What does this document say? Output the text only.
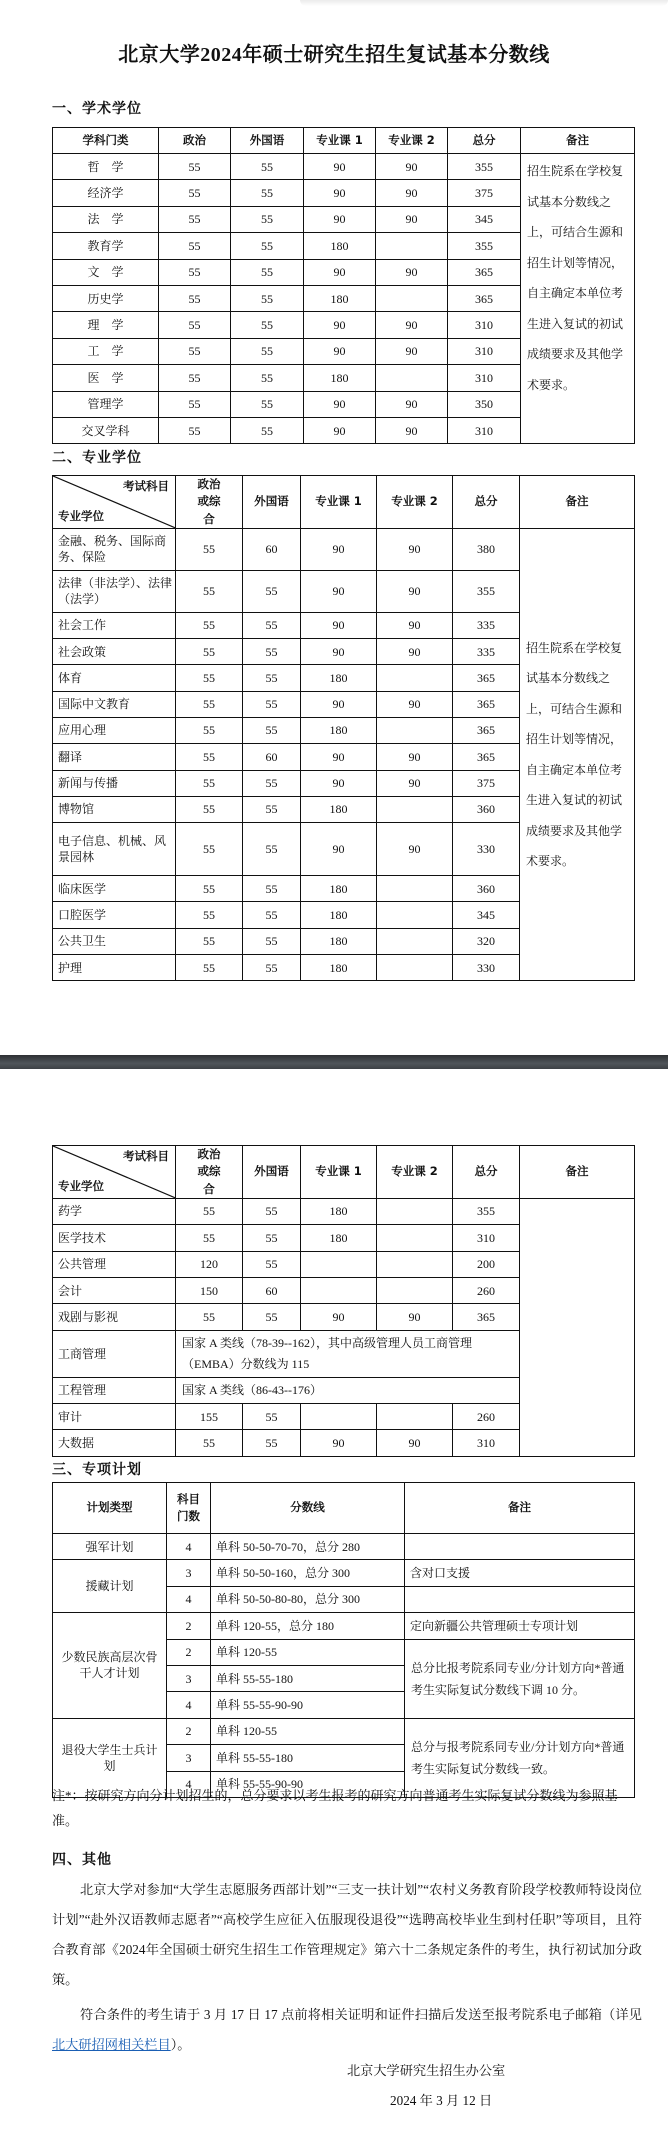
北京大学2024年硕士研究生招生复试基本分数线
一、学术学位
学科门类	政治	外国语	专业课 1	专业课 2	总分	备注
哲　学	55	55	90	90	355	招生院系在学校复试基本分数线之上，可结合生源和招生计划等情况，自主确定本单位考生进入复试的初试成绩要求及其他学术要求。
经济学	55	55	90	90	375	
法　学	55	55	90	90	345	
教育学	55	55	180		355	
文　学	55	55	90	90	365	
历史学	55	55	180		365	
理　学	55	55	90	90	310	
工　学	55	55	90	90	310	
医　学	55	55	180		310	
管理学	55	55	90	90	350	
交叉学科	55	55	90	90	310	
二、专业学位
考试科目
专业学位	政治或综合	外国语	专业课 1	专业课 2	总分	备注
金融、税务、国际商务、保险	55	60	90	90	380	招生院系在学校复试基本分数线之上，可结合生源和招生计划等情况，自主确定本单位考生进入复试的初试成绩要求及其他学术要求。
法律（非法学）、法律（法学）	55	55	90	90	355	
社会工作	55	55	90	90	335	
社会政策	55	55	90	90	335	
体育	55	55	180		365	
国际中文教育	55	55	90	90	365	
应用心理	55	55	180		365	
翻译	55	60	90	90	365	
新闻与传播	55	55	90	90	375	
博物馆	55	55	180		360	
电子信息、机械、风景园林	55	55	90	90	330	
临床医学	55	55	180		360	
口腔医学	55	55	180		345	
公共卫生	55	55	180		320	
护理	55	55	180		330	
考试科目
专业学位	政治或综合	外国语	专业课 1	专业课 2	总分	备注
药学	55	55	180		355	
医学技术	55	55	180		310	
公共管理	120	55			200	
会计	150	60			260	
戏剧与影视	55	55	90	90	365	
工商管理	国家 A 类线（78-39--162），其中高级管理人员工商管理（EMBA）分数线为 115					
工程管理	国家 A 类线（86-43--176）					
审计	155	55			260	
大数据	55	55	90	90	310	
三、专项计划
计划类型	科目门数	分数线	备注
强军计划	4	单科 50-50-70-70，总分 280	
援藏计划	3	单科 50-50-160，总分 300	含对口支援
	4	单科 50-50-80-80，总分 300	
少数民族高层次骨干人才计划	2	单科 120-55，总分 180	定向新疆公共管理硕士专项计划
	2	单科 120-55	总分比报考院系同专业/分计划方向*普通考生实际复试分数线下调 10 分。
	3	单科 55-55-180	
	4	单科 55-55-90-90	
退役大学生士兵计划	2	单科 120-55	总分与报考院系同专业/分计划方向*普通考生实际复试分数线一致。
	3	单科 55-55-180	
	4	单科 55-55-90-90	
注*：按研究方向分计划招生的，总分要求以考生报考的研究方向普通考生实际复试分数线为参照基准。
四、其他
北京大学对参加“大学生志愿服务西部计划”“三支一扶计划”“农村义务教育阶段学校教师特设岗位计划”“赴外汉语教师志愿者”“高校学生应征入伍服现役退役”“选聘高校毕业生到村任职”等项目，且符合教育部《2024年全国硕士研究生招生工作管理规定》第六十二条规定条件的考生，执行初试加分政策。
符合条件的考生请于 3 月 17 日 17 点前将相关证明和证件扫描后发送至报考院系电子邮箱（详见北大研招网相关栏目）。
北京大学研究生招生办公室
2024 年 3 月 12 日
